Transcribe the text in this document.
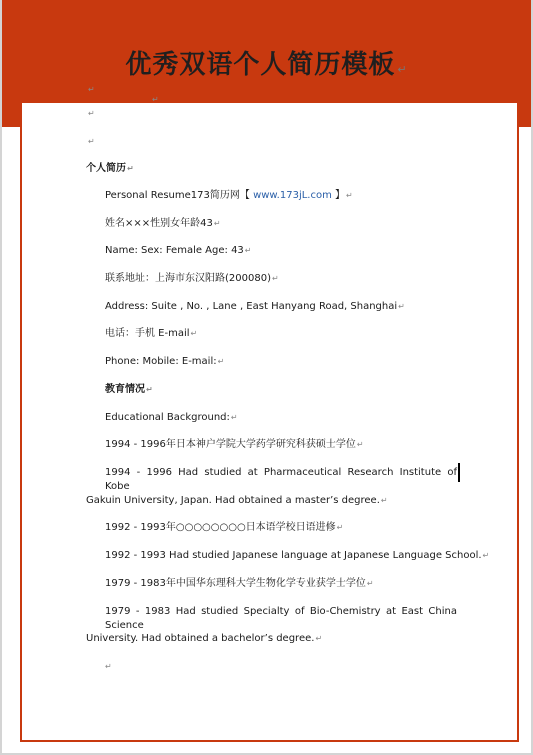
优秀双语个人简历模板 ↵
↵
↵
↵
↵
个人简历↵
Personal Resume173简历网【 www.173jL.com 】↵
姓名×××性别女年龄43↵
Name: Sex: Female Age: 43↵
联系地址：上海市东汉阳路(200080)↵
Address: Suite , No. , Lane , East Hanyang Road, Shanghai↵
电话：手机 E-mail↵
Phone: Mobile: E-mail:↵
教育情况↵
Educational Background:↵
1994 - 1996年日本神户学院大学药学研究科获硕士学位↵
1994 - 1996 Had studied at Pharmaceutical Research Institute of Kobe
Gakuin University, Japan. Had obtained a master’s degree.↵
1992 - 1993年○○○○○○○○日本语学校日语进修↵
1992 - 1993 Had studied Japanese language at Japanese Language School.↵
1979 - 1983年中国华东理科大学生物化学专业获学士学位↵
1979 - 1983 Had studied Specialty of Bio-Chemistry at East China Science
University. Had obtained a bachelor’s degree.↵
↵
